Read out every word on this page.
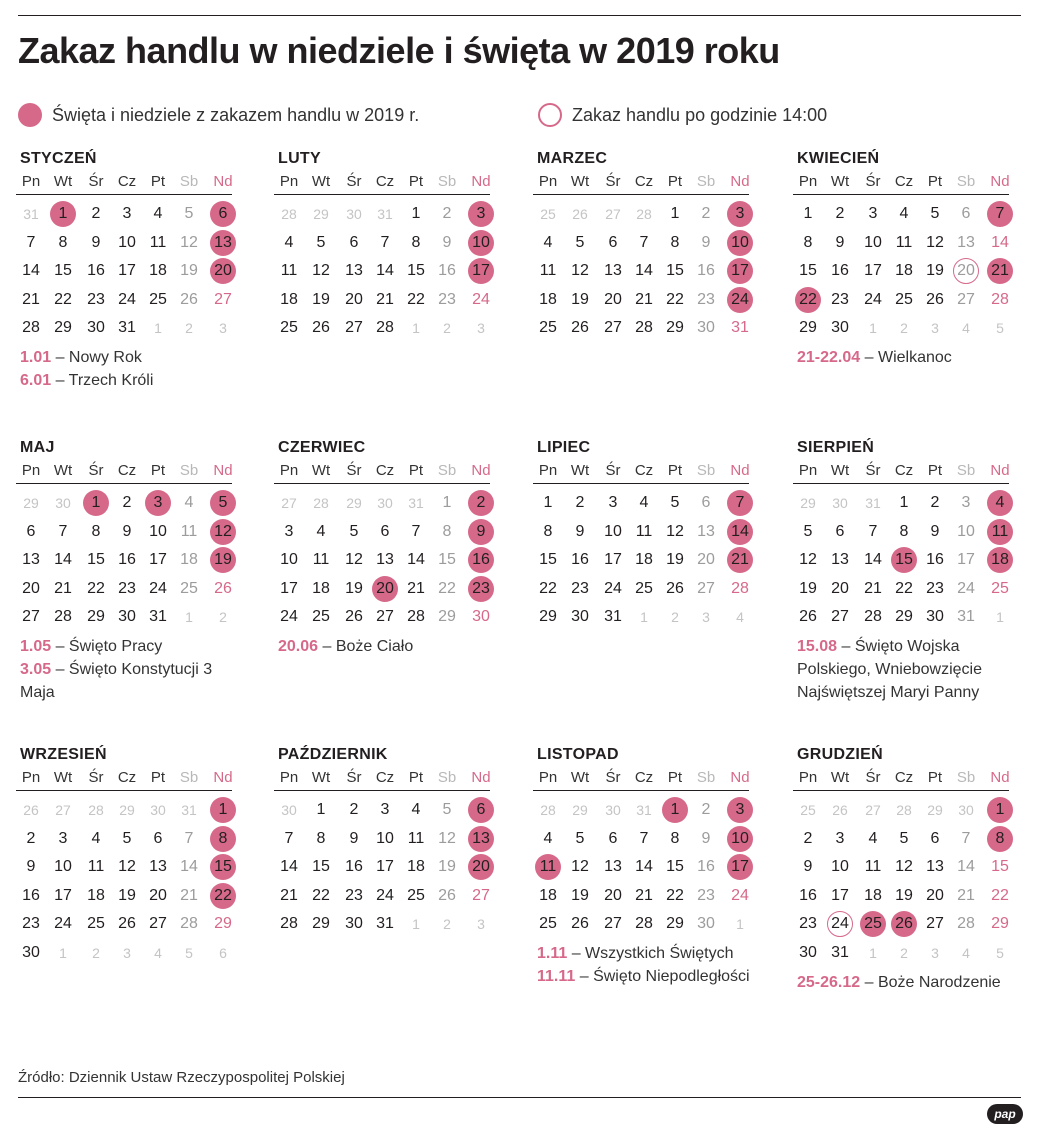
Zakaz handlu w niedziele i święta w 2019 roku
Święta i niedziele z zakazem handlu w 2019 r.	Zakaz handlu po godzinie 14:00
STYCZEŃ
Pn Wt	Śr Cz Pt Sb	Nd
31	1	2	3	4	5	6
7	8	9	10 11 12 13
14 15 16 17 18 19 20
21 22 23 24 25 26 27
28 29 30 31	1	2	3
1.01 – Nowy Rok
6.01 – Trzech Króli
LUTY
Pn Wt	Śr Cz Pt Sb	Nd
28	29	30	31	1	2	3
4	5	6	7	8	9	10
11 12 13 14 15 16 17
18 19 20 21 22 23 24
25 26 27 28	1	2	3
MARZEC
Pn Wt	Śr Cz Pt Sb	Nd
25	26	27	28	1	2	3
4	5	6	7	8	9	10
11 12 13 14 15 16 17
18 19 20 21 22 23 24
25 26 27 28 29 30 31
KWIECIEŃ
Pn Wt	Śr Cz Pt Sb	Nd
1	2	3	4	5	6	7
8	9	10 11 12 13 14
15 16 17 18 19 20 21
22 23 24 25 26 27 28
29 30	1	2	3	4	5
21-22.04 – Wielkanoc
MAJ
Pn Wt	Śr Cz Pt Sb	Nd
29	30	1	2	3	4	5
6	7	8	9	10 11 12
13 14 15 16 17 18 19
20 21 22 23 24 25 26
27 28 29 30 31	1	2
1.05 – Święto Pracy
3.05 – Święto Konstytucji 3 Maja
CZERWIEC
Pn Wt	Śr Cz Pt Sb	Nd
27	28	29	30	31	1	2
3	4	5	6	7	8	9
10 11 12 13 14 15 16
17 18 19 20 21 22 23
24 25 26 27 28 29 30
20.06 – Boże Ciało
LIPIEC
Pn Wt	Śr Cz Pt Sb	Nd
1	2	3	4	5	6	7
8	9	10 11 12 13 14
15 16 17 18 19 20 21
22 23 24 25 26 27 28
29 30 31	1	2	3	4
SIERPIEŃ
Pn Wt	Śr Cz Pt Sb	Nd
29	30	31	1	2	3	4
5	6	7	8	9	10 11
12 13 14 15 16 17 18
19 20 21 22 23 24 25
26 27 28 29 30 31	1
15.08 – Święto Wojska Polskiego, Wniebowzięcie Najświętszej Maryi Panny
WRZESIEŃ
Pn Wt	Śr Cz Pt Sb	Nd
26	27	28	29	30	31	1
2	3	4	5	6	7	8
9	10 11 12 13 14 15
16 17 18 19 20 21 22
23 24 25 26 27 28 29
30	1	2	3	4	5	6
PAŹDZIERNIK
Pn Wt	Śr Cz Pt Sb	Nd
30	1	2	3	4	5	6
7	8	9	10 11 12 13
14 15 16 17 18 19 20
21 22 23 24 25 26 27
28 29 30 31	1	2	3
LISTOPAD
Pn Wt	Śr Cz Pt Sb	Nd
28	29	30	31	1	2	3
4	5	6	7	8	9	10
11 12 13 14 15 16 17
18 19 20 21 22 23 24
25 26 27 28 29 30	1
1.11 – Wszystkich Świętych
11.11 – Święto Niepodległości
GRUDZIEŃ
Pn Wt	Śr Cz Pt Sb	Nd
25	26	27	28	29	30	1
2	3	4	5	6	7	8
9	10 11 12 13 14 15
16 17 18 19 20 21 22
23 24 25 26 27 28 29
30 31	1	2	3	4	5
25-26.12 – Boże Narodzenie
Źródło: Dziennik Ustaw Rzeczypospolitej Polskiej
pap
